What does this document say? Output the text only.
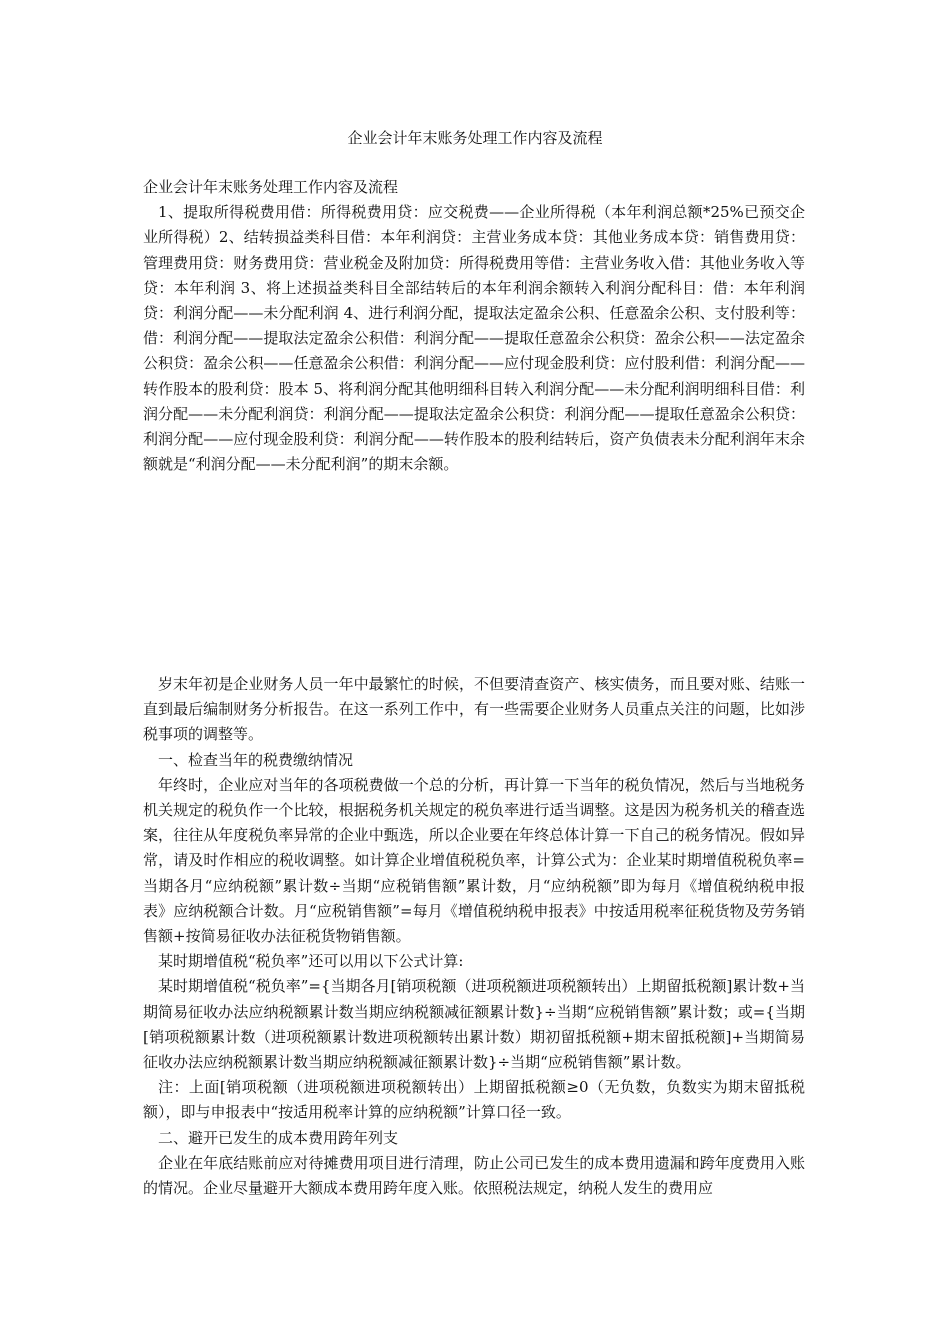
企业会计年末账务处理工作内容及流程

企业会计年末账务处理工作内容及流程

1、提取所得税费用借：所得税费用贷：应交税费——企业所得税（本年利润总额*25%已预交企业所得税）2、结转损益类科目借：本年利润贷：主营业务成本贷：其他业务成本贷：销售费用贷：管理费用贷：财务费用贷：营业税金及附加贷：所得税费用等借：主营业务收入借：其他业务收入等贷：本年利润 3、将上述损益类科目全部结转后的本年利润余额转入利润分配科目：借：本年利润贷：利润分配——未分配利润 4、进行利润分配，提取法定盈余公积、任意盈余公积、支付股利等：借：利润分配——提取法定盈余公积借：利润分配——提取任意盈余公积贷：盈余公积——法定盈余公积贷：盈余公积——任意盈余公积借：利润分配——应付现金股利贷：应付股利借：利润分配——转作股本的股利贷：股本 5、将利润分配其他明细科目转入利润分配——未分配利润明细科目借：利润分配——未分配利润贷：利润分配——提取法定盈余公积贷：利润分配——提取任意盈余公积贷：利润分配——应付现金股利贷：利润分配——转作股本的股利结转后，资产负债表未分配利润年末余额就是“利润分配——未分配利润”的期末余额。

岁末年初是企业财务人员一年中最繁忙的时候，不但要清查资产、核实债务，而且要对账、结账一直到最后编制财务分析报告。在这一系列工作中，有一些需要企业财务人员重点关注的问题，比如涉税事项的调整等。

一、检查当年的税费缴纳情况

年终时，企业应对当年的各项税费做一个总的分析，再计算一下当年的税负情况，然后与当地税务机关规定的税负作一个比较，根据税务机关规定的税负率进行适当调整。这是因为税务机关的稽查选案，往往从年度税负率异常的企业中甄选，所以企业要在年终总体计算一下自己的税务情况。假如异常，请及时作相应的税收调整。如计算企业增值税税负率，计算公式为：企业某时期增值税税负率=当期各月“应纳税额”累计数÷当期“应税销售额”累计数，月“应纳税额”即为每月《增值税纳税申报表》应纳税额合计数。月“应税销售额”=每月《增值税纳税申报表》中按适用税率征税货物及劳务销售额+按简易征收办法征税货物销售额。

某时期增值税“税负率”还可以用以下公式计算:

某时期增值税“税负率”={当期各月[销项税额（进项税额进项税额转出）上期留抵税额]累计数+当期简易征收办法应纳税额累计数当期应纳税额减征额累计数}÷当期“应税销售额”累计数；或={当期[销项税额累计数（进项税额累计数进项税额转出累计数）期初留抵税额+期末留抵税额]+当期简易征收办法应纳税额累计数当期应纳税额减征额累计数}÷当期“应税销售额”累计数。

注：上面[销项税额（进项税额进项税额转出）上期留抵税额≥0（无负数，负数实为期末留抵税额），即与申报表中“按适用税率计算的应纳税额”计算口径一致。

二、避开已发生的成本费用跨年列支

企业在年底结账前应对待摊费用项目进行清理，防止公司已发生的成本费用遗漏和跨年度费用入账的情况。企业尽量避开大额成本费用跨年度入账。依照税法规定，纳税人发生的费用应
